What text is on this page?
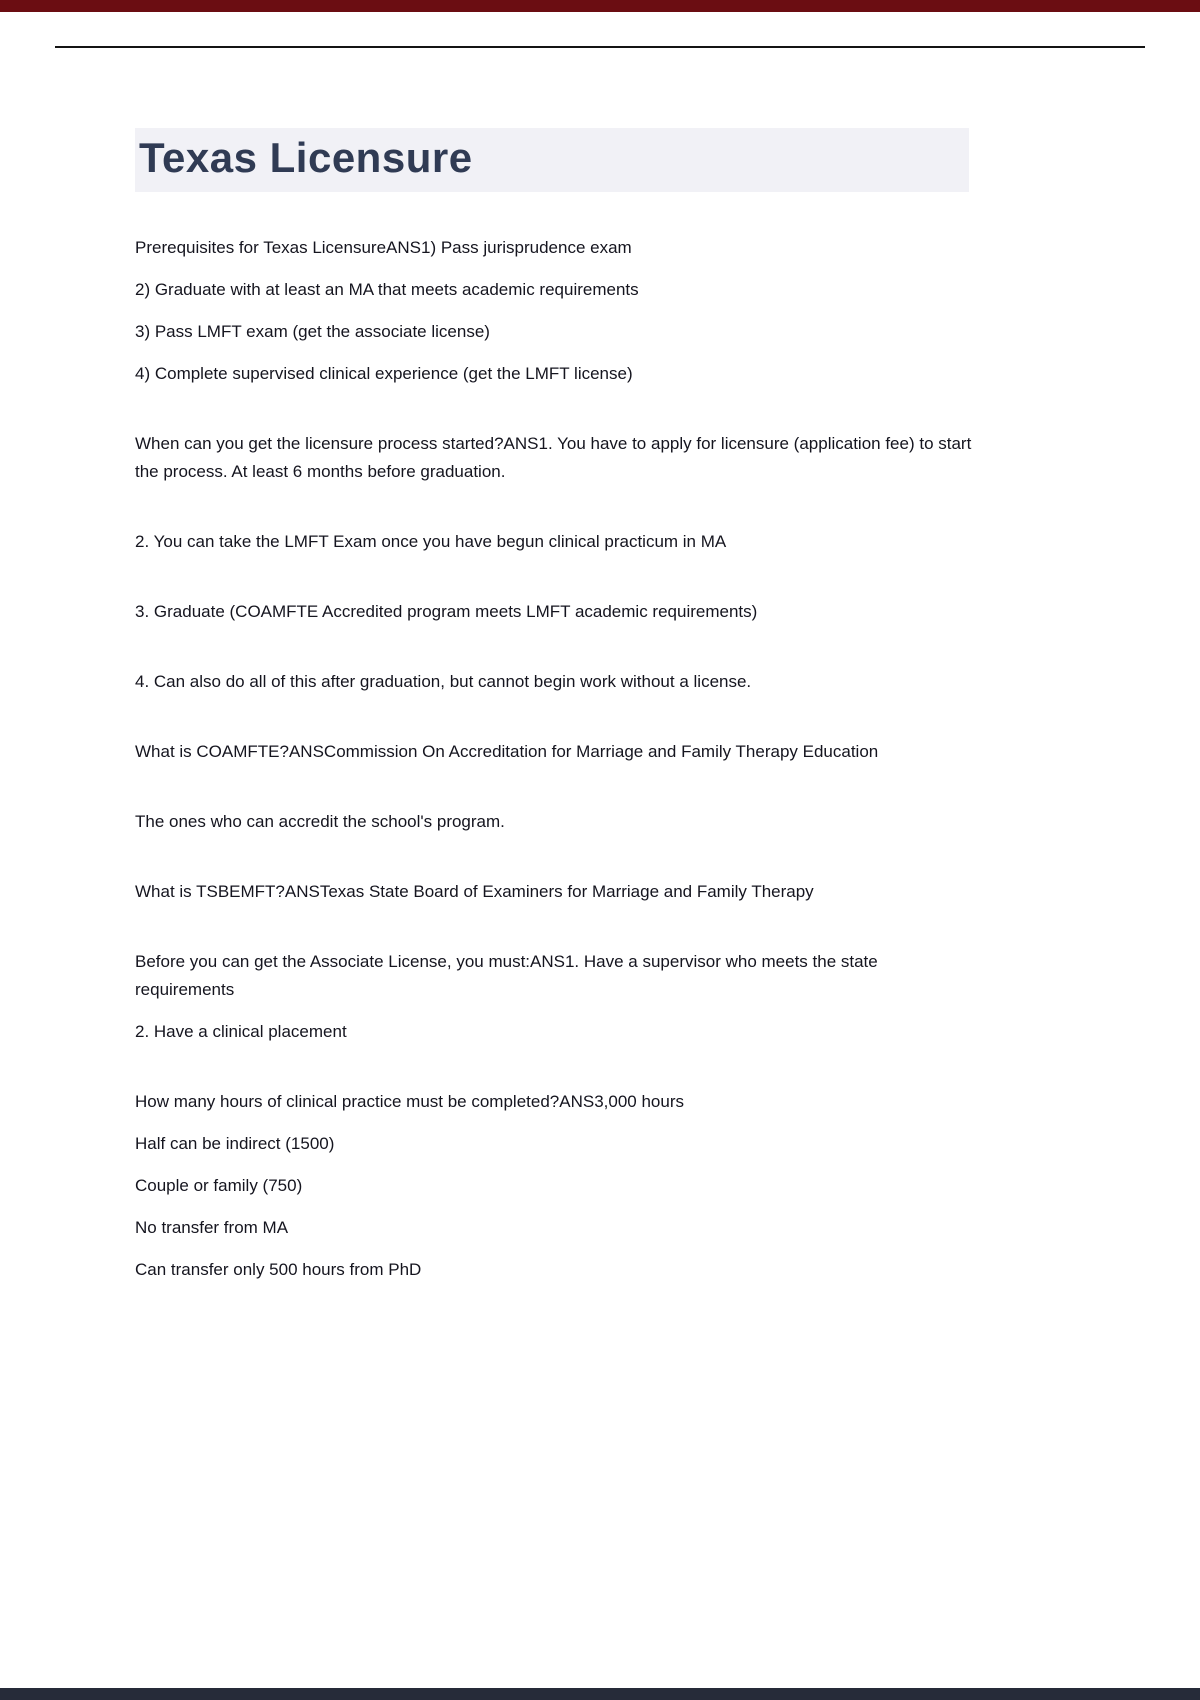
Texas Licensure

Prerequisites for Texas LicensureANS1) Pass jurisprudence exam

2) Graduate with at least an MA that meets academic requirements

3) Pass LMFT exam (get the associate license)

4) Complete supervised clinical experience (get the LMFT license)

When can you get the licensure process started?ANS1. You have to apply for licensure (application fee) to start the process. At least 6 months before graduation.

2. You can take the LMFT Exam once you have begun clinical practicum in MA

3. Graduate (COAMFTE Accredited program meets LMFT academic requirements)

4. Can also do all of this after graduation, but cannot begin work without a license.

What is COAMFTE?ANSCommission On Accreditation for Marriage and Family Therapy Education

The ones who can accredit the school's program.

What is TSBEMFT?ANSTexas State Board of Examiners for Marriage and Family Therapy

Before you can get the Associate License, you must:ANS1. Have a supervisor who meets the state requirements

2. Have a clinical placement

How many hours of clinical practice must be completed?ANS3,000 hours

Half can be indirect (1500)

Couple or family (750)

No transfer from MA

Can transfer only 500 hours from PhD
